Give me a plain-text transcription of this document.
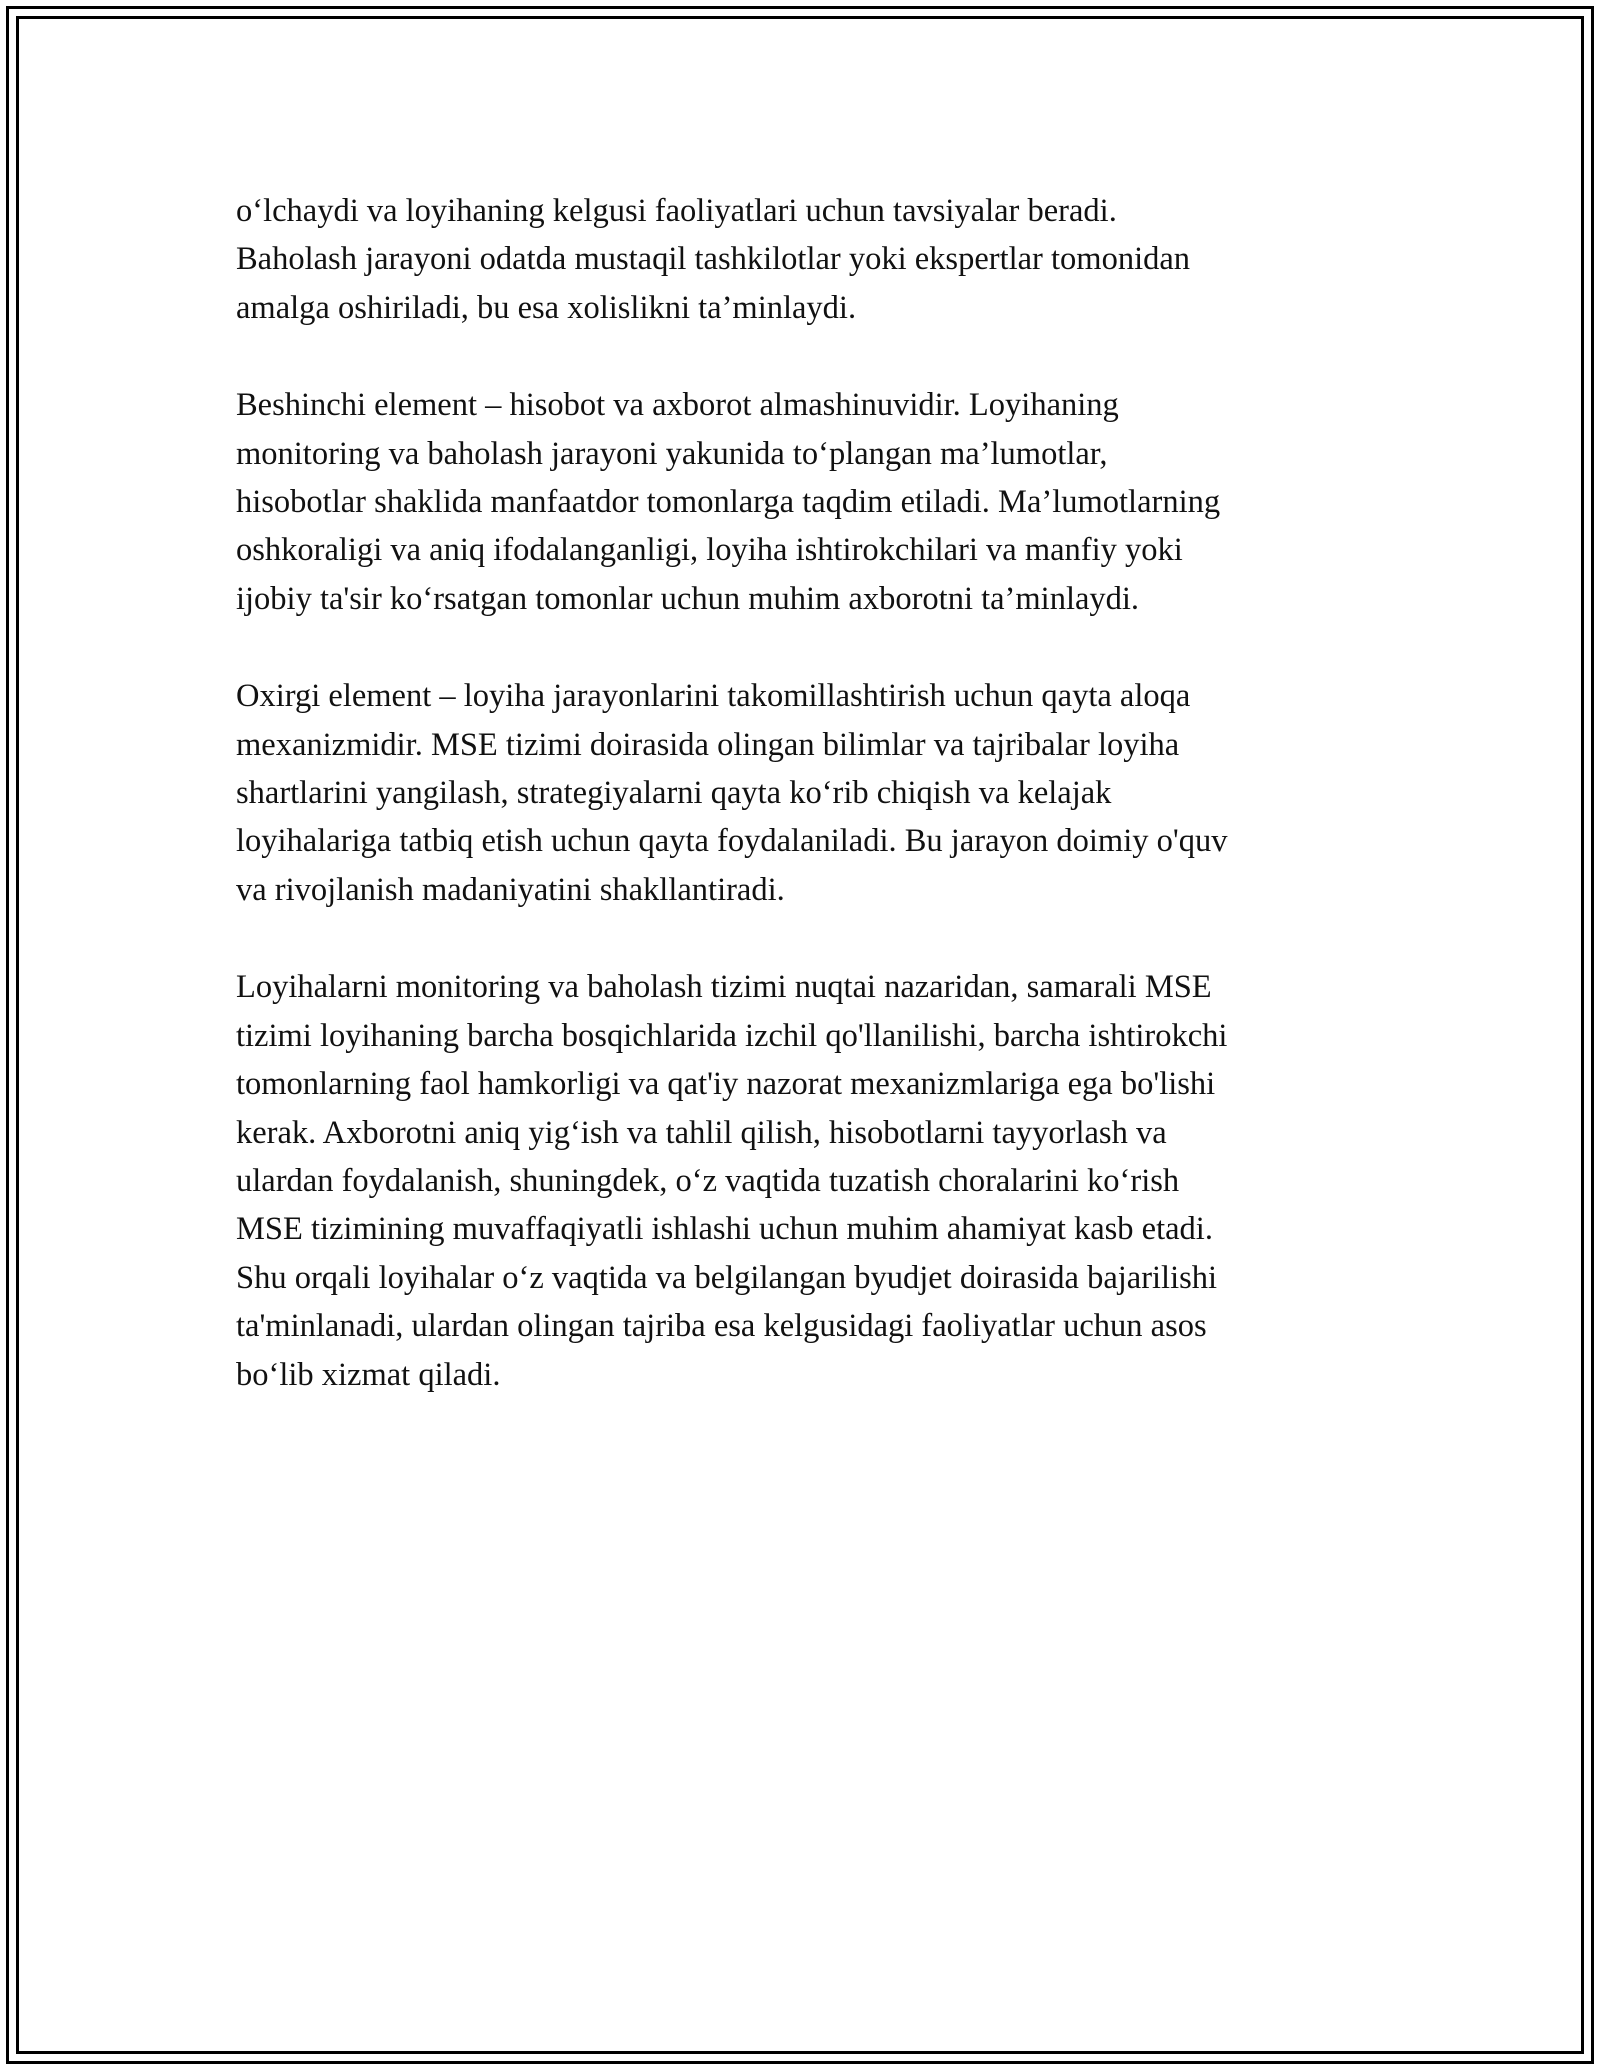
o‘lchaydi va loyihaning kelgusi faoliyatlari uchun tavsiyalar beradi.
Baholash jarayoni odatda mustaqil tashkilotlar yoki ekspertlar tomonidan
amalga oshiriladi, bu esa xolislikni ta’minlaydi.
Beshinchi element – hisobot va axborot almashinuvidir. Loyihaning
monitoring va baholash jarayoni yakunida to‘plangan ma’lumotlar,
hisobotlar shaklida manfaatdor tomonlarga taqdim etiladi. Ma’lumotlarning
oshkoraligi va aniq ifodalanganligi, loyiha ishtirokchilari va manfiy yoki
ijobiy ta'sir ko‘rsatgan tomonlar uchun muhim axborotni ta’minlaydi.
Oxirgi element – loyiha jarayonlarini takomillashtirish uchun qayta aloqa
mexanizmidir. MSE tizimi doirasida olingan bilimlar va tajribalar loyiha
shartlarini yangilash, strategiyalarni qayta ko‘rib chiqish va kelajak
loyihalariga tatbiq etish uchun qayta foydalaniladi. Bu jarayon doimiy o'quv
va rivojlanish madaniyatini shakllantiradi.
Loyihalarni monitoring va baholash tizimi nuqtai nazaridan, samarali MSE
tizimi loyihaning barcha bosqichlarida izchil qo'llanilishi, barcha ishtirokchi
tomonlarning faol hamkorligi va qat'iy nazorat mexanizmlariga ega bo'lishi
kerak. Axborotni aniq yig‘ish va tahlil qilish, hisobotlarni tayyorlash va
ulardan foydalanish, shuningdek, o‘z vaqtida tuzatish choralarini ko‘rish
MSE tizimining muvaffaqiyatli ishlashi uchun muhim ahamiyat kasb etadi.
Shu orqali loyihalar o‘z vaqtida va belgilangan byudjet doirasida bajarilishi
ta'minlanadi, ulardan olingan tajriba esa kelgusidagi faoliyatlar uchun asos
bo‘lib xizmat qiladi.
